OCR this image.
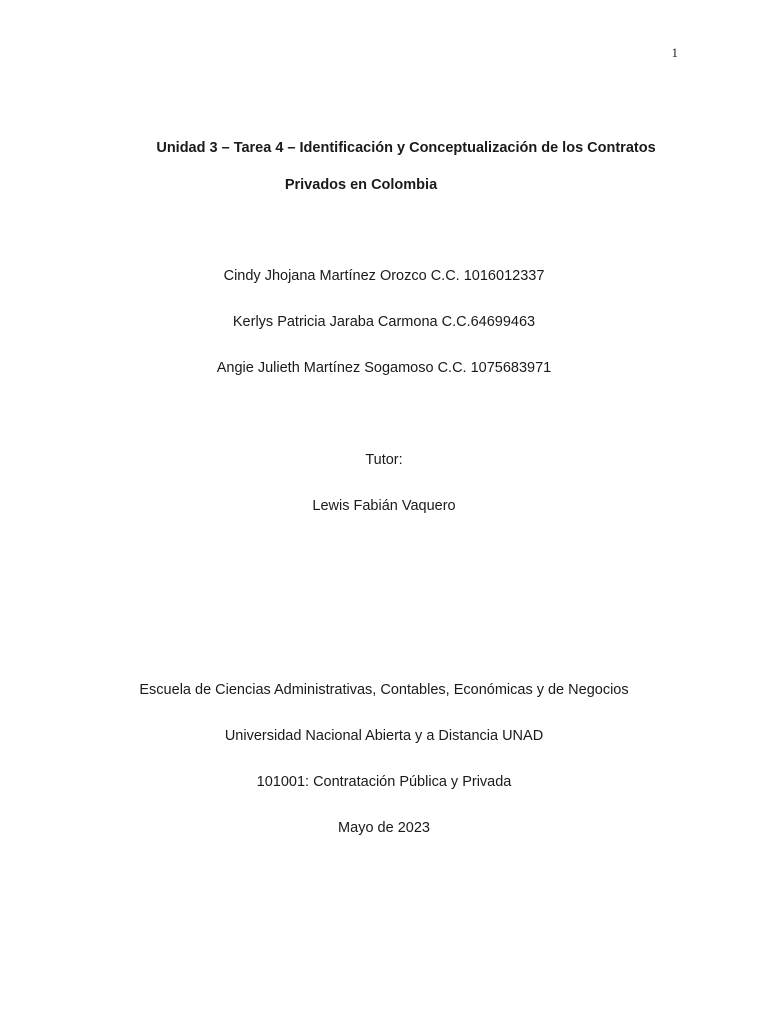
1
Unidad 3 – Tarea 4 – Identificación y Conceptualización de los Contratos
Privados en Colombia
Cindy Jhojana Martínez Orozco C.C. 1016012337
Kerlys Patricia Jaraba Carmona C.C.64699463
Angie Julieth Martínez Sogamoso C.C. 1075683971
Tutor:
Lewis Fabián Vaquero
Escuela de Ciencias Administrativas, Contables, Económicas y de Negocios
Universidad Nacional Abierta y a Distancia UNAD
101001: Contratación Pública y Privada
Mayo de 2023
